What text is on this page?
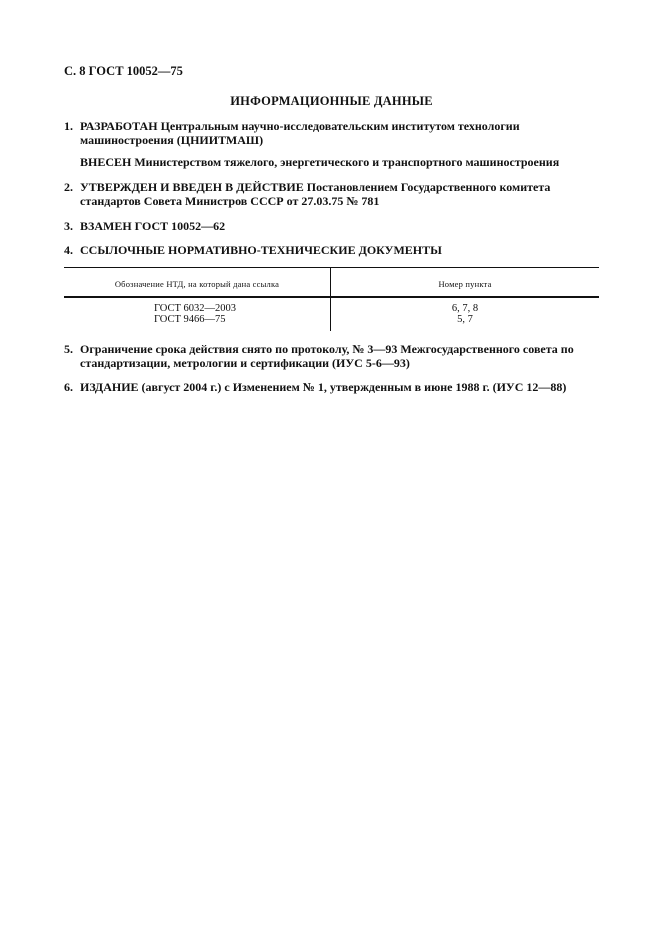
С. 8 ГОСТ 10052—75
ИНФОРМАЦИОННЫЕ ДАННЫЕ
1. РАЗРАБОТАН Центральным научно-исследовательским институтом технологии машиностроения (ЦНИИТМАШ)
ВНЕСЕН Министерством тяжелого, энергетического и транспортного машиностроения
2. УТВЕРЖДЕН И ВВЕДЕН В ДЕЙСТВИЕ Постановлением Государственного комитета стандартов Совета Министров СССР от 27.03.75 № 781
3. ВЗАМЕН ГОСТ 10052—62
4. ССЫЛОЧНЫЕ НОРМАТИВНО-ТЕХНИЧЕСКИЕ ДОКУМЕНТЫ
Обозначение НТД, на который дана ссылка	Номер пункта
ГОСТ 6032—2003	6, 7, 8
ГОСТ 9466—75	5, 7
5. Ограничение срока действия снято по протоколу, № 3—93 Межгосударственного совета по стандартизации, метрологии и сертификации (ИУС 5-6—93)
6. ИЗДАНИЕ (август 2004 г.) с Изменением № 1, утвержденным в июне 1988 г. (ИУС 12—88)
